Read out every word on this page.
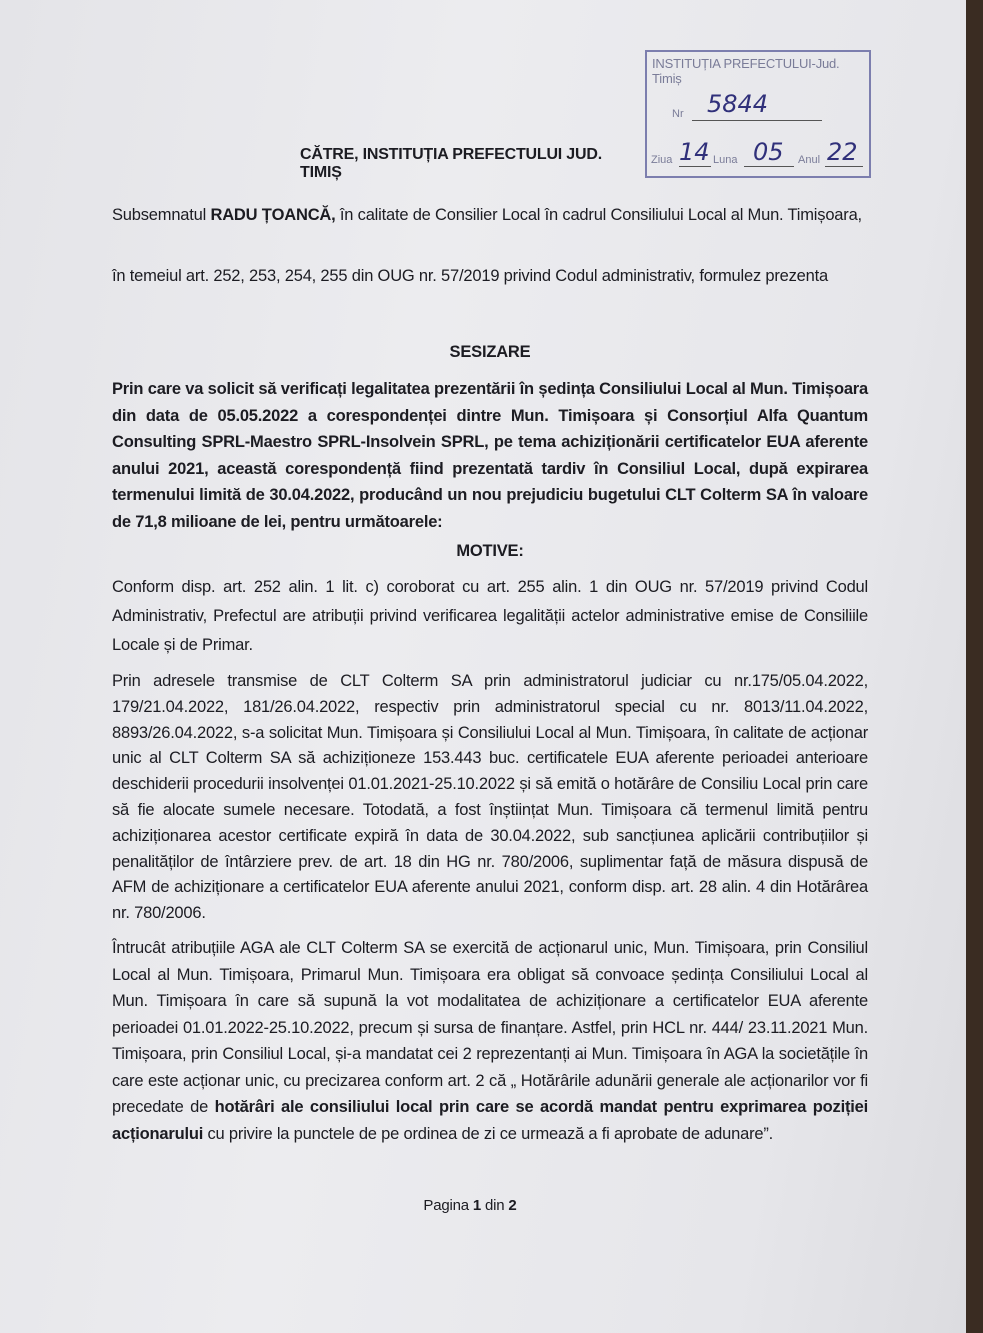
INSTITUȚIA PREFECTULUI-Jud. Timiș
Nr 5844
Ziua 14 Luna 05 Anul 22
CĂTRE, INSTITUȚIA PREFECTULUI JUD. TIMIȘ
Subsemnatul RADU ȚOANCĂ, în calitate de Consilier Local în cadrul Consiliului Local al Mun. Timișoara,
în temeiul art. 252, 253, 254, 255 din OUG nr. 57/2019 privind Codul administrativ, formulez prezenta
SESIZARE
Prin care va solicit să verificați legalitatea prezentării în ședința Consiliului Local al Mun. Timișoara din data de 05.05.2022 a corespondenței dintre Mun. Timișoara și Consorțiul Alfa Quantum Consulting SPRL-Maestro SPRL-Insolvein SPRL, pe tema achiziționării certificatelor EUA aferente anului 2021, această corespondență fiind prezentată tardiv în Consiliul Local, după expirarea termenului limită de 30.04.2022, producând un nou prejudiciu bugetului CLT Colterm SA în valoare de 71,8 milioane de lei, pentru următoarele:
MOTIVE:
Conform disp. art. 252 alin. 1 lit. c) coroborat cu art. 255 alin. 1 din OUG nr. 57/2019 privind Codul Administrativ, Prefectul are atribuții privind verificarea legalității actelor administrative emise de Consiliile Locale și de Primar.
Prin adresele transmise de CLT Colterm SA prin administratorul judiciar cu nr.175/05.04.2022, 179/21.04.2022, 181/26.04.2022, respectiv prin administratorul special cu nr. 8013/11.04.2022, 8893/26.04.2022, s-a solicitat Mun. Timișoara și Consiliului Local al Mun. Timișoara, în calitate de acționar unic al CLT Colterm SA să achiziționeze 153.443 buc. certificatele EUA aferente perioadei anterioare deschiderii procedurii insolvenței 01.01.2021-25.10.2022 și să emită o hotărâre de Consiliu Local prin care să fie alocate sumele necesare. Totodată, a fost înștiințat Mun. Timișoara că termenul limită pentru achiziționarea acestor certificate expiră în data de 30.04.2022, sub sancțiunea aplicării contribuțiilor și penalităților de întârziere prev. de art. 18 din HG nr. 780/2006, suplimentar față de măsura dispusă de AFM de achiziționare a certificatelor EUA aferente anului 2021, conform disp. art. 28 alin. 4 din Hotărârea nr. 780/2006.
Întrucât atribuțiile AGA ale CLT Colterm SA se exercită de acționarul unic, Mun. Timișoara, prin Consiliul Local al Mun. Timișoara, Primarul Mun. Timișoara era obligat să convoace ședința Consiliului Local al Mun. Timișoara în care să supună la vot modalitatea de achiziționare a certificatelor EUA aferente perioadei 01.01.2022-25.10.2022, precum și sursa de finanțare. Astfel, prin HCL nr. 444/ 23.11.2021 Mun. Timișoara, prin Consiliul Local, și-a mandatat cei 2 reprezentanți ai Mun. Timișoara în AGA la societățile în care este acționar unic, cu precizarea conform art. 2 că „ Hotărârile adunării generale ale acționarilor vor fi precedate de hotărâri ale consiliului local prin care se acordă mandat pentru exprimarea poziției acționarului cu privire la punctele de pe ordinea de zi ce urmează a fi aprobate de adunare”.
Pagina 1 din 2
